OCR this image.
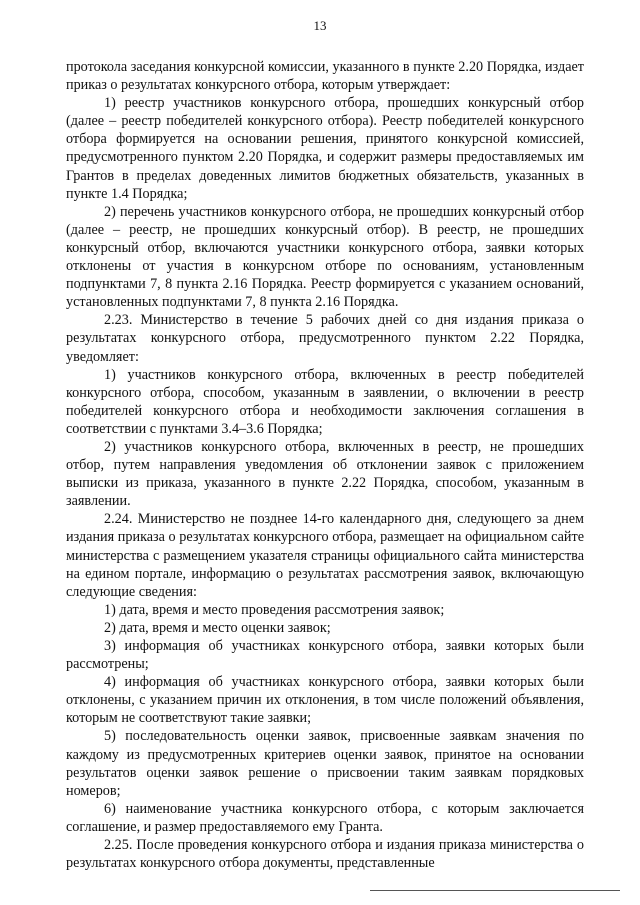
13

протокола заседания конкурсной комиссии, указанного в пункте 2.20 Порядка, издает приказ о результатах конкурсного отбора, которым утверждает:

1) реестр участников конкурсного отбора, прошедших конкурсный отбор (далее – реестр победителей конкурсного отбора). Реестр победителей конкурсного отбора формируется на основании решения, принятого конкурсной комиссией, предусмотренного пунктом 2.20 Порядка, и содержит размеры предоставляемых им Грантов в пределах доведенных лимитов бюджетных обязательств, указанных в пункте 1.4 Порядка;

2) перечень участников конкурсного отбора, не прошедших конкурсный отбор (далее – реестр, не прошедших конкурсный отбор). В реестр, не прошедших конкурсный отбор, включаются участники конкурсного отбора, заявки которых отклонены от участия в конкурсном отборе по основаниям, установленным подпунктами 7, 8 пункта 2.16 Порядка. Реестр формируется с указанием оснований, установленных подпунктами 7, 8 пункта 2.16 Порядка.

2.23. Министерство в течение 5 рабочих дней со дня издания приказа о результатах конкурсного отбора, предусмотренного пунктом 2.22 Порядка, уведомляет:

1) участников конкурсного отбора, включенных в реестр победителей конкурсного отбора, способом, указанным в заявлении, о включении в реестр победителей конкурсного отбора и необходимости заключения соглашения в соответствии с пунктами 3.4–3.6 Порядка;

2) участников конкурсного отбора, включенных в реестр, не прошедших отбор, путем направления уведомления об отклонении заявок с приложением выписки из приказа, указанного в пункте 2.22 Порядка, способом, указанным в заявлении.

2.24. Министерство не позднее 14-го календарного дня, следующего за днем издания приказа о результатах конкурсного отбора, размещает на официальном сайте министерства с размещением указателя страницы официального сайта министерства на едином портале, информацию о результатах рассмотрения заявок, включающую следующие сведения:

1) дата, время и место проведения рассмотрения заявок;

2) дата, время и место оценки заявок;

3) информация об участниках конкурсного отбора, заявки которых были рассмотрены;

4) информация об участниках конкурсного отбора, заявки которых были отклонены, с указанием причин их отклонения, в том числе положений объявления, которым не соответствуют такие заявки;

5) последовательность оценки заявок, присвоенные заявкам значения по каждому из предусмотренных критериев оценки заявок, принятое на основании результатов оценки заявок решение о присвоении таким заявкам порядковых номеров;

6) наименование участника конкурсного отбора, с которым заключается соглашение, и размер предоставляемого ему Гранта.

2.25. После проведения конкурсного отбора и издания приказа министерства о результатах конкурсного отбора документы, представленные
